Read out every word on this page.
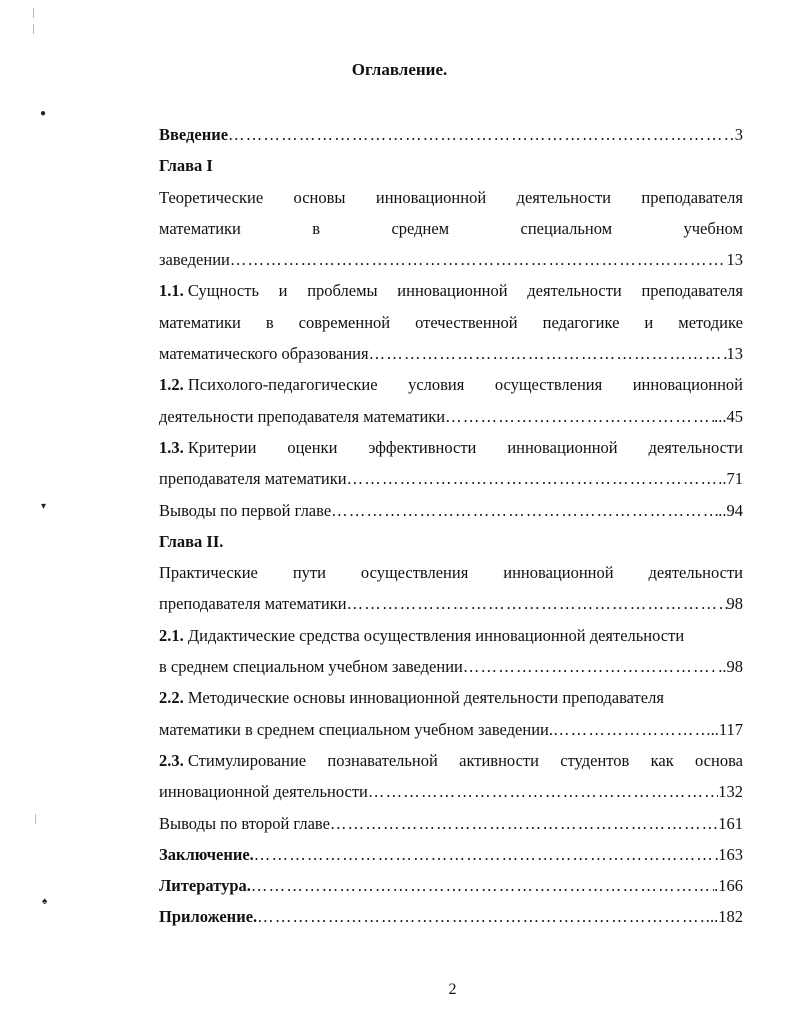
●
▾
♠
Оглавление.
Введение …………………………………………………………………………………………………………………………………………………………………………	3
Глава I
Теоретические основы инновационной деятельности преподавателя
математики	в	среднем	специальном	учебном
заведении …………………………………………………………………………………………………………………………………………………………………………	13
1.1. Сущность и проблемы инновационной деятельности преподавателя
математики в современной отечественной педагогике и методике
математического образования …………………………………………………………………………………………………………………………………………………………………………	13
1.2. Психолого-педагогические условия осуществления инновационной
деятельности преподавателя математики …………………………………………………………………………………………………………………………………………………………………………	...45
1.3. Критерии оценки эффективности инновационной деятельности
преподавателя математики …………………………………………………………………………………………………………………………………………………………………………	..71
Выводы по первой главе …………………………………………………………………………………………………………………………………………………………………………	..94
Глава II.
Практические пути осуществления инновационной деятельности
преподавателя математики …………………………………………………………………………………………………………………………………………………………………………	98
2.1. Дидактические средства осуществления инновационной деятельности
в среднем специальном учебном заведении …………………………………………………………………………………………………………………………………………………………………………	..98
2.2. Методические основы инновационной деятельности преподавателя
математики в среднем специальном учебном заведении. …………………………………………………………………………………………………………………………………………………………………………	..117
2.3. Стимулирование познавательной активности студентов как основа
инновационной деятельности …………………………………………………………………………………………………………………………………………………………………………	132
Выводы по второй главе …………………………………………………………………………………………………………………………………………………………………………	161
Заключение. …………………………………………………………………………………………………………………………………………………………………………	163
Литература. …………………………………………………………………………………………………………………………………………………………………………	.166
Приложение. …………………………………………………………………………………………………………………………………………………………………………	..182
2
